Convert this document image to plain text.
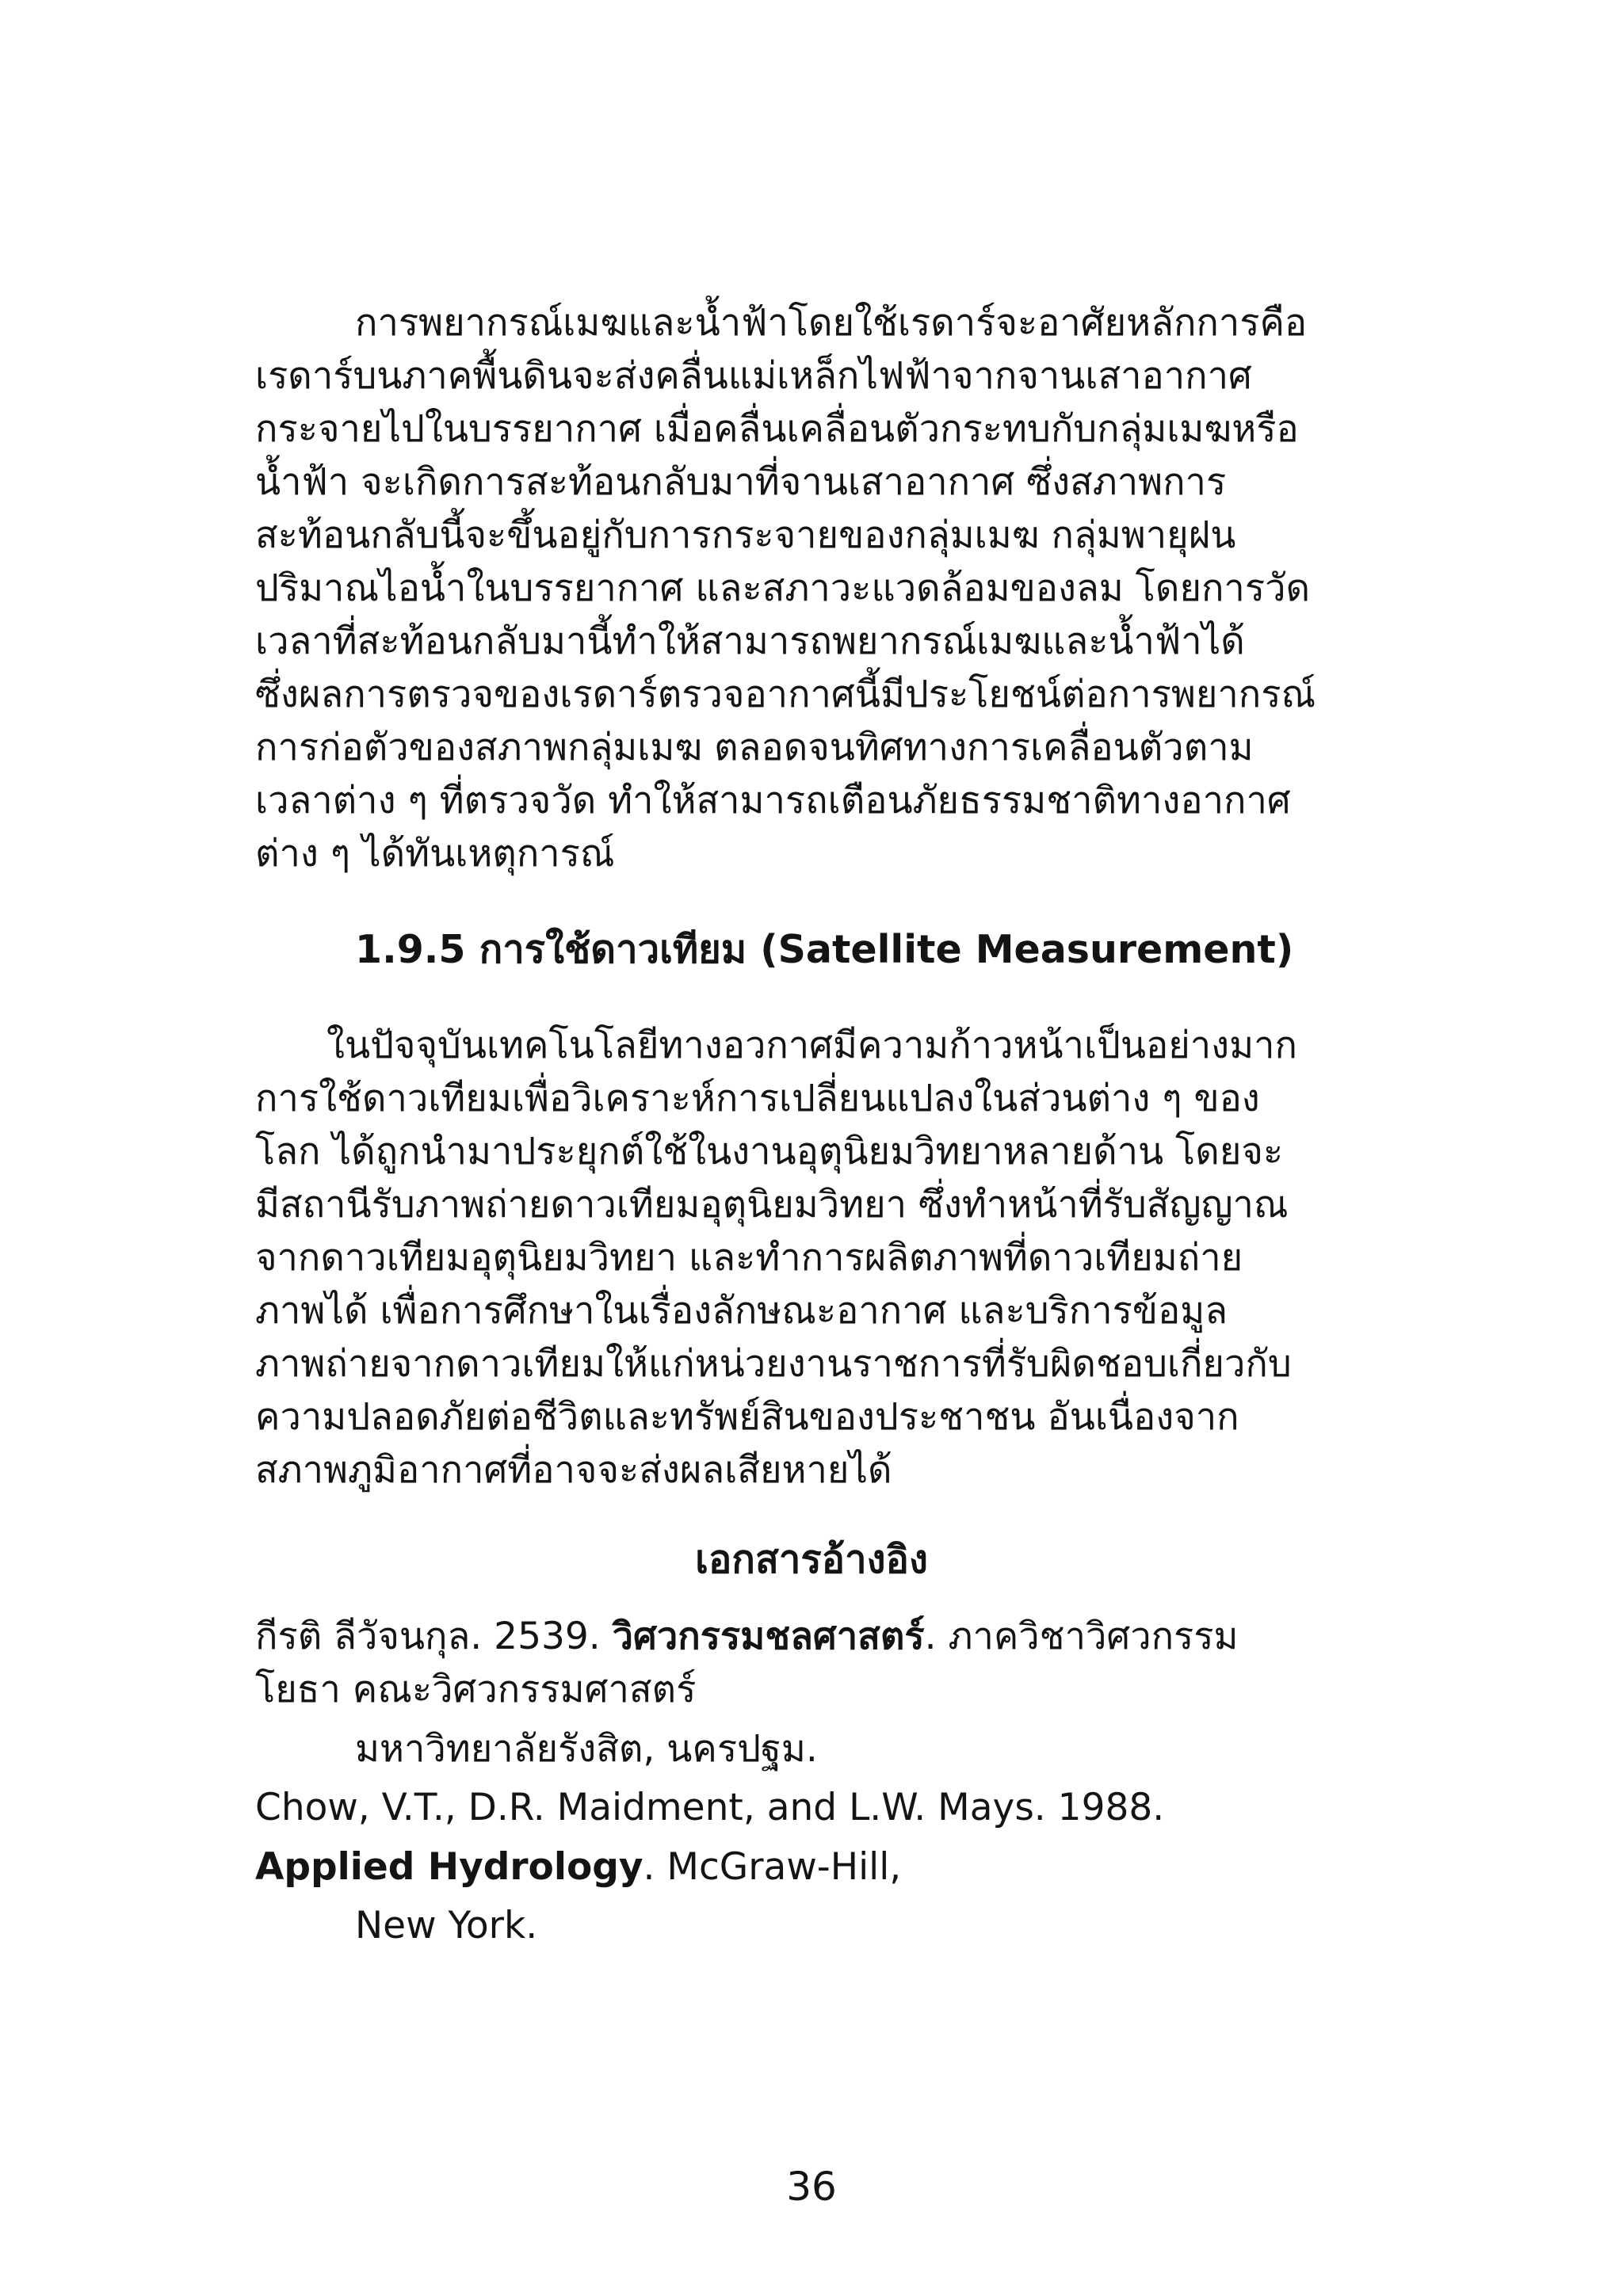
การพยากรณ์เมฆและน้ำฟ้าโดยใช้เรดาร์จะอาศัยหลักการคือ
เรดาร์บนภาคพื้นดินจะส่งคลื่นแม่เหล็กไฟฟ้าจากจานเสาอากาศ
กระจายไปในบรรยากาศ เมื่อคลื่นเคลื่อนตัวกระทบกับกลุ่มเมฆหรือ
น้ำฟ้า จะเกิดการสะท้อนกลับมาที่จานเสาอากาศ ซึ่งสภาพการ
สะท้อนกลับนี้จะขึ้นอยู่กับการกระจายของกลุ่มเมฆ กลุ่มพายุฝน
ปริมาณไอน้ำในบรรยากาศ และสภาวะแวดล้อมของลม โดยการวัด
เวลาที่สะท้อนกลับมานี้ทำให้สามารถพยากรณ์เมฆและน้ำฟ้าได้
ซึ่งผลการตรวจของเรดาร์ตรวจอากาศนี้มีประโยชน์ต่อการพยากรณ์
การก่อตัวของสภาพกลุ่มเมฆ ตลอดจนทิศทางการเคลื่อนตัวตาม
เวลาต่าง ๆ ที่ตรวจวัด ทำให้สามารถเตือนภัยธรรมชาติทางอากาศ
ต่าง ๆ ได้ทันเหตุการณ์
1.9.5 การใช้ดาวเทียม (Satellite Measurement)
ในปัจจุบันเทคโนโลยีทางอวกาศมีความก้าวหน้าเป็นอย่างมาก
การใช้ดาวเทียมเพื่อวิเคราะห์การเปลี่ยนแปลงในส่วนต่าง ๆ ของ
โลก ได้ถูกนำมาประยุกต์ใช้ในงานอุตุนิยมวิทยาหลายด้าน โดยจะ
มีสถานีรับภาพถ่ายดาวเทียมอุตุนิยมวิทยา ซึ่งทำหน้าที่รับสัญญาณ
จากดาวเทียมอุตุนิยมวิทยา และทำการผลิตภาพที่ดาวเทียมถ่าย
ภาพได้ เพื่อการศึกษาในเรื่องลักษณะอากาศ และบริการข้อมูล
ภาพถ่ายจากดาวเทียมให้แก่หน่วยงานราชการที่รับผิดชอบเกี่ยวกับ
ความปลอดภัยต่อชีวิตและทรัพย์สินของประชาชน อันเนื่องจาก
สภาพภูมิอากาศที่อาจจะส่งผลเสียหายได้
เอกสารอ้างอิง
กีรติ ลีวัจนกุล. 2539. วิศวกรรมชลศาสตร์. ภาควิชาวิศวกรรม
โยธา คณะวิศวกรรมศาสตร์
มหาวิทยาลัยรังสิต, นครปฐม.
Chow, V.T., D.R. Maidment, and L.W. Mays. 1988.
Applied Hydrology. McGraw-Hill,
New York.
36
